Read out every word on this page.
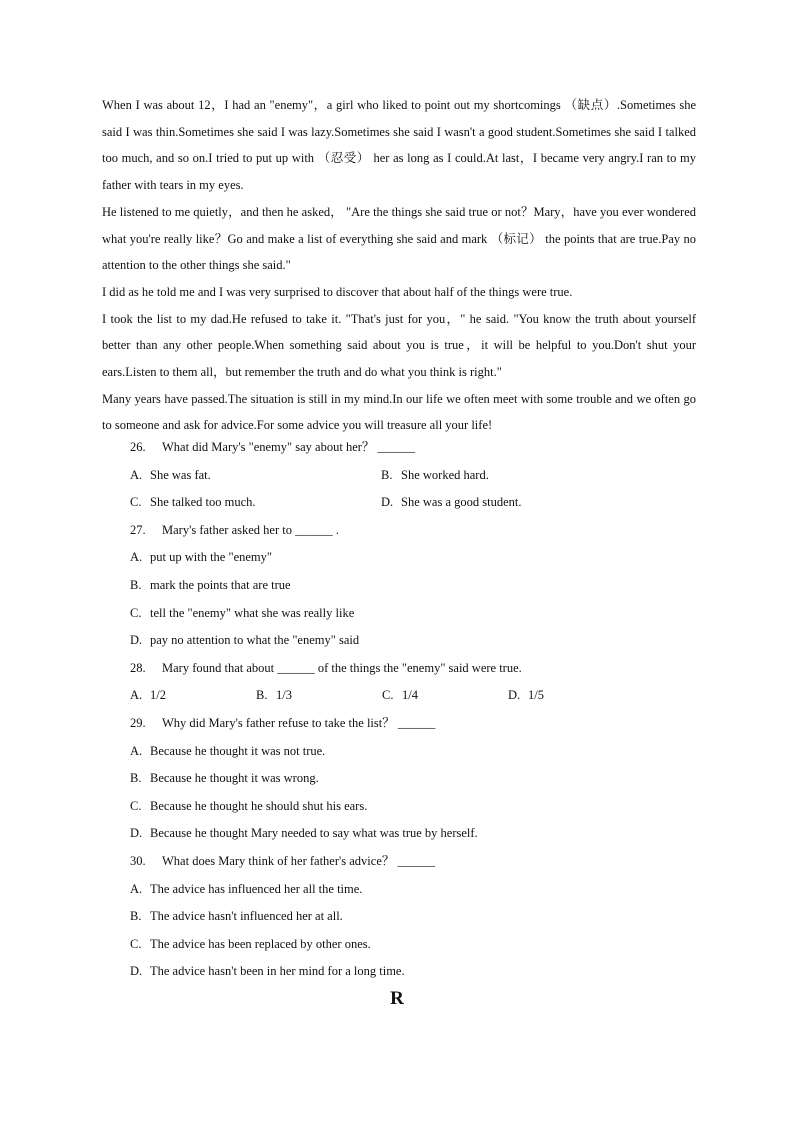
When I was about 12，I had an "enemy"，a girl who liked to point out my shortcomings （缺点）.Sometimes she said I was thin.Sometimes she said I was lazy.Sometimes she said I wasn't a good student.Sometimes she said I talked too much, and so on.I tried to put up with （忍受） her as long as I could.At last，I became very angry.I ran to my father with tears in my eyes.

He listened to me quietly，and then he asked， "Are the things she said true or not？Mary，have you ever wondered what you're really like？Go and make a list of everything she said and mark （标记） the points that are true.Pay no attention to the other things she said."

I did as he told me and I was very surprised to discover that about half of the things were true.

I took the list to my dad.He refused to take it. "That's just for you，" he said. "You know the truth about yourself better than any other people.When something said about you is true，it will be helpful to you.Don't shut your ears.Listen to them all，but remember the truth and do what you think is right."

Many years have passed.The situation is still in my mind.In our life we often meet with some trouble and we often go to someone and ask for advice.For some advice you will treasure all your life!

26. What did Mary's "enemy" say about her？ ______
A. She was fat.	B. She worked hard.
C. She talked too much.	D. She was a good student.
27. Mary's father asked her to ______ .
A. put up with the "enemy"
B. mark the points that are true
C. tell the "enemy" what she was really like
D. pay no attention to what the "enemy" said
28. Mary found that about ______ of the things the "enemy" said were true.
A. 1/2	B. 1/3	C. 1/4	D. 1/5
29. Why did Mary's father refuse to take the list？ ______
A. Because he thought it was not true.
B. Because he thought it was wrong.
C. Because he thought he should shut his ears.
D. Because he thought Mary needed to say what was true by herself.
30. What does Mary think of her father's advice？ ______
A. The advice has influenced her all the time.
B. The advice hasn't influenced her at all.
C. The advice has been replaced by other ones.
D. The advice hasn't been in her mind for a long time.
R
